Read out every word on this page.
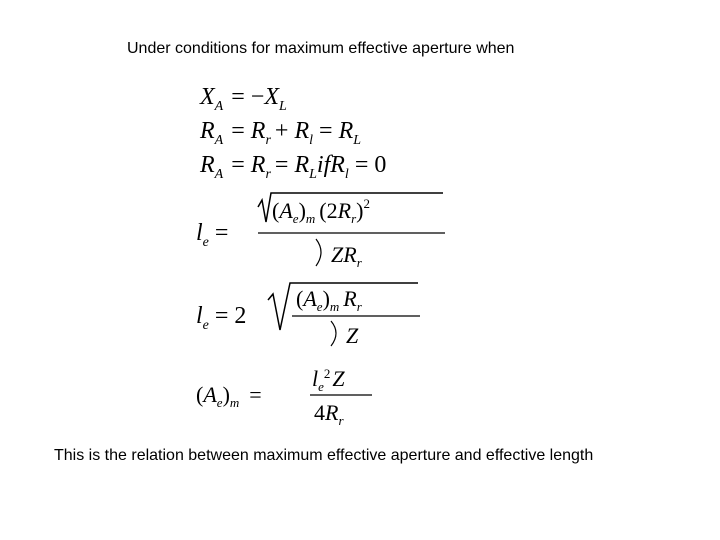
Under conditions for maximum effective aperture when
$X_A = -X_L$
$R_A = R_r + R_l = R_L$
$R_A = R_r = R_LifR_l = 0$
$l_e$ =
$(A_e)_m$ $(2R_r)^2$
$ZR_r$
$l_e = 2$
$(A_e)_m$ $R_r$
Z
$(A_e)_m$ =
$l_e^2Z$
$4R_r$
This is the relation between maximum effective aperture and effective length
